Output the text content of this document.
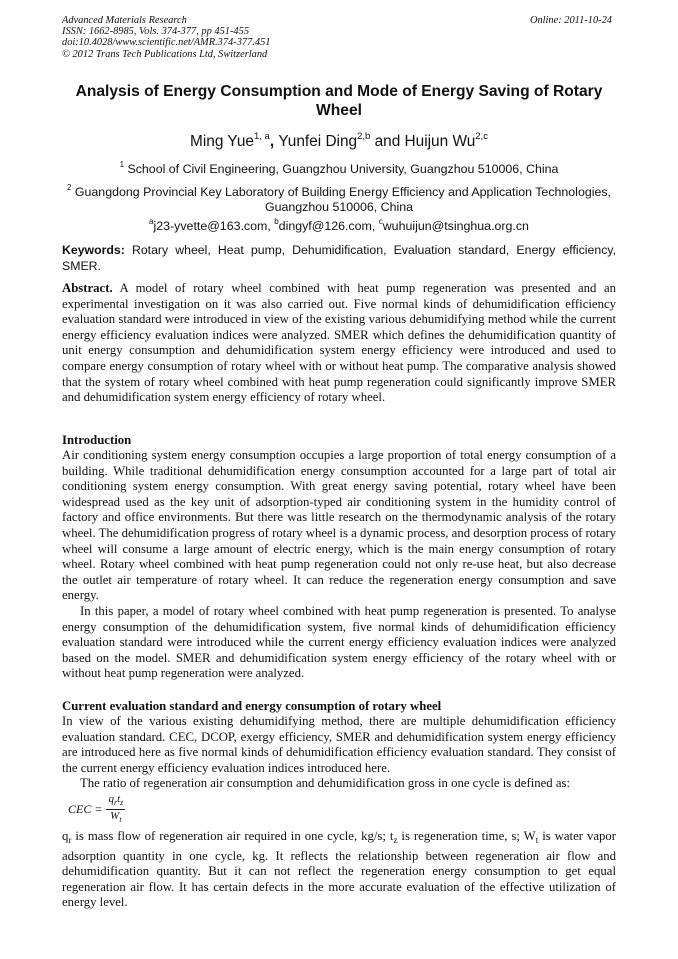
Advanced Materials Research
ISSN: 1662-8985, Vols. 374-377, pp 451-455
doi:10.4028/www.scientific.net/AMR.374-377.451
© 2012 Trans Tech Publications Ltd, Switzerland
Online: 2011-10-24
Analysis of Energy Consumption and Mode of Energy Saving of Rotary Wheel
Ming Yue$^{1, a}$, Yunfei Ding$^{2,b}$ and Huijun Wu$^{2,c}$
$^1$ School of Civil Engineering, Guangzhou University, Guangzhou 510006, China
$^2$ Guangdong Provincial Key Laboratory of Building Energy Efficiency and Application Technologies, Guangzhou 510006, China
$^a$j23-yvette@163.com, $^b$dingyf@126.com, $^c$wuhuijun@tsinghua.org.cn
Keywords: Rotary wheel, Heat pump, Dehumidification, Evaluation standard, Energy efficiency, SMER.

Abstract. A model of rotary wheel combined with heat pump regeneration was presented and an experimental investigation on it was also carried out. Five normal kinds of dehumidification efficiency evaluation standard were introduced in view of the existing various dehumidifying method while the current energy efficiency evaluation indices were analyzed. SMER which defines the dehumidification quantity of unit energy consumption and dehumidification system energy efficiency were introduced and used to compare energy consumption of rotary wheel with or without heat pump. The comparative analysis showed that the system of rotary wheel combined with heat pump regeneration could significantly improve SMER and dehumidification system energy efficiency of rotary wheel.

Introduction

Air conditioning system energy consumption occupies a large proportion of total energy consumption of a building. While traditional dehumidification energy consumption accounted for a large part of total air conditioning system energy consumption. With great energy saving potential, rotary wheel have been widespread used as the key unit of adsorption-typed air conditioning system in the humidity control of factory and office environments. But there was little research on the thermodynamic analysis of the rotary wheel. The dehumidification progress of rotary wheel is a dynamic process, and desorption process of rotary wheel will consume a large amount of electric energy, which is the main energy consumption of rotary wheel. Rotary wheel combined with heat pump regeneration could not only re-use heat, but also decrease the outlet air temperature of rotary wheel. It can reduce the regeneration energy consumption and save energy.

In this paper, a model of rotary wheel combined with heat pump regeneration is presented. To analyse energy consumption of the dehumidification system, five normal kinds of dehumidification efficiency evaluation standard were introduced while the current energy efficiency evaluation indices were analyzed based on the model. SMER and dehumidification system energy efficiency of the rotary wheel with or without heat pump regeneration were analyzed.

Current evaluation standard and energy consumption of rotary wheel

In view of the various existing dehumidifying method, there are multiple dehumidification efficiency evaluation standard. CEC, DCOP, exergy efficiency, SMER and dehumidification system energy efficiency are introduced here as five normal kinds of dehumidification efficiency evaluation standard. They consist of the current energy efficiency evaluation indices introduced here.

The ratio of regeneration air consumption and dehumidification gross in one cycle is defined as:

CEC = $\frac{q_rt_z}{W_t}$

$q_r$ is mass flow of regeneration air required in one cycle, kg/s; $t_z$ is regeneration time, s; $W_t$ is water vapor adsorption quantity in one cycle, kg. It reflects the relationship between regeneration air flow and dehumidification quantity. But it can not reflect the regeneration energy consumption to get equal regeneration air flow. It has certain defects in the more accurate evaluation of the effective utilization of energy level.
